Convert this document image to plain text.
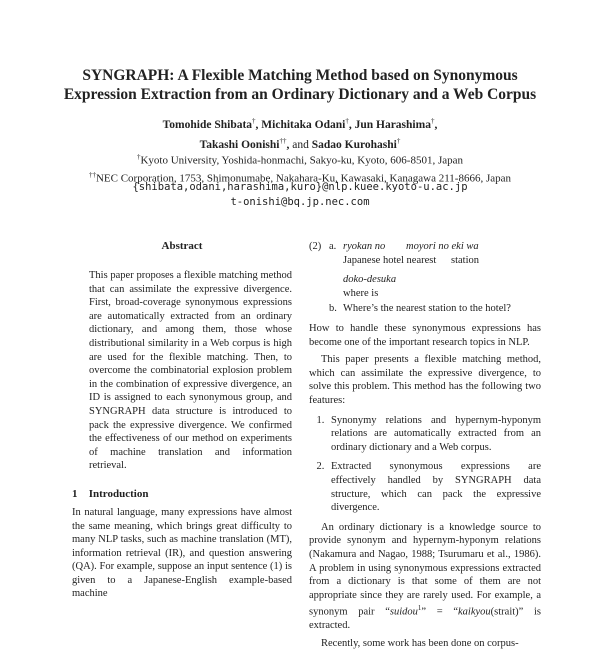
SYNGRAPH: A Flexible Matching Method based on Synonymous
Expression Extraction from an Ordinary Dictionary and a Web Corpus
Tomohide Shibata†, Michitaka Odani†, Jun Harashima†,
Takashi Oonishi††, and Sadao Kurohashi†
†Kyoto University, Yoshida-honmachi, Sakyo-ku, Kyoto, 606-8501, Japan
††NEC Corporation, 1753, Shimonumabe, Nakahara-Ku, Kawasaki, Kanagawa 211-8666, Japan
{shibata,odani,harashima,kuro}@nlp.kuee.kyoto-u.ac.jp
t-onishi@bq.jp.nec.com
Abstract

This paper proposes a flexible matching method that can assimilate the expressive divergence. First, broad-coverage synonymous expressions are automatically extracted from an ordinary dictionary, and among them, those whose distributional similarity in a Web corpus is high are used for the flexible matching. Then, to overcome the combinatorial explosion problem in the combination of expressive divergence, an ID is assigned to each synonymous group, and SYNGRAPH data structure is introduced to pack the expressive divergence. We confirmed the effectiveness of our method on experiments of machine translation and information retrieval.

1 Introduction

In natural language, many expressions have almost the same meaning, which brings great difficulty to many NLP tasks, such as machine translation (MT), information retrieval (IR), and question answering (QA). For example, suppose an input sentence (1) is given to a Japanese-English example-based machine

(2) a. ryokan no moyori no eki wa
Japanese hotel nearest station
doko-desuka
where is
b. Where’s the nearest station to the hotel?

How to handle these synonymous expressions has become one of the important research topics in NLP.

This paper presents a flexible matching method, which can assimilate the expressive divergence, to solve this problem. This method has the following two features:

1. Synonymy relations and hypernym-hyponym relations are automatically extracted from an ordinary dictionary and a Web corpus.
2. Extracted synonymous expressions are effectively handled by SYNGRAPH data structure, which can pack the expressive divergence.

An ordinary dictionary is a knowledge source to provide synonym and hypernym-hyponym relations (Nakamura and Nagao, 1988; Tsurumaru et al., 1986). A problem in using synonymous expressions extracted from a dictionary is that some of them are not appropriate since they are rarely used. For example, a synonym pair “suidou$^1$” = “kaikyou(strait)” is extracted.

Recently, some work has been done on corpus-
